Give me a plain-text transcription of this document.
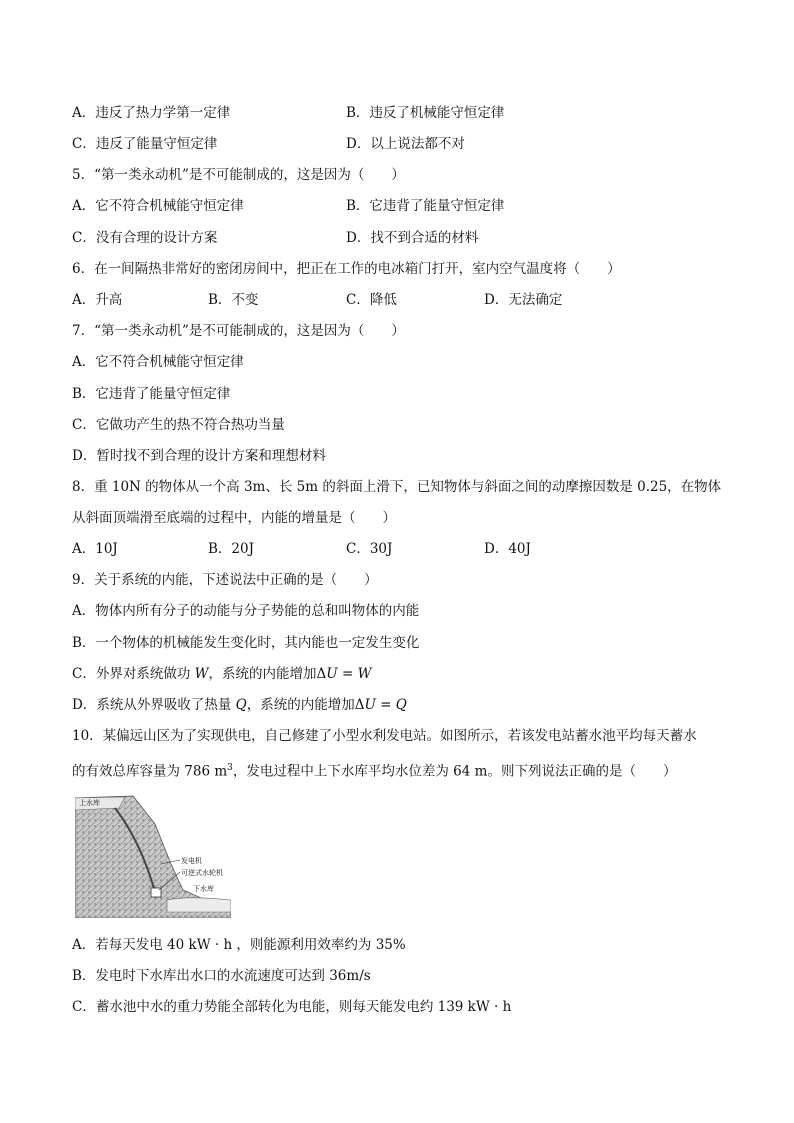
A．违反了热力学第一定律	B．违反了机械能守恒定律
C．违反了能量守恒定律	D．以上说法都不对
5．“第一类永动机”是不可能制成的，这是因为（　　）
A．它不符合机械能守恒定律	B．它违背了能量守恒定律
C．没有合理的设计方案	D．找不到合适的材料
6．在一间隔热非常好的密闭房间中，把正在工作的电冰箱门打开，室内空气温度将（　　）
A．升高	B．不变	C．降低	D．无法确定
7．“第一类永动机”是不可能制成的，这是因为（　　）
A．它不符合机械能守恒定律
B．它违背了能量守恒定律
C．它做功产生的热不符合热功当量
D．暂时找不到合理的设计方案和理想材料
8．重 10N 的物体从一个高 3m、长 5m 的斜面上滑下，已知物体与斜面之间的动摩擦因数是 0.25，在物体
从斜面顶端滑至底端的过程中，内能的增量是（　　）
A．10J	B．20J	C．30J	D．40J
9．关于系统的内能，下述说法中正确的是（　　）
A．物体内所有分子的动能与分子势能的总和叫物体的内能
B．一个物体的机械能发生变化时，其内能也一定发生变化
C．外界对系统做功 W，系统的内能增加ΔU = W
D．系统从外界吸收了热量 Q，系统的内能增加ΔU = Q
10．某偏远山区为了实现供电，自己修建了小型水利发电站。如图所示，若该发电站蓄水池平均每天蓄水
的有效总库容量为 786 $m^3$，发电过程中上下水库平均水位差为 64 m。则下列说法正确的是（　　）
上水库
发电机
可逆式水轮机
下水库
A．若每天发电 40 kW · h ，则能源利用效率约为 35%
B．发电时下水库出水口的水流速度可达到 36m/s
C．蓄水池中水的重力势能全部转化为电能，则每天能发电约 139 kW · h
